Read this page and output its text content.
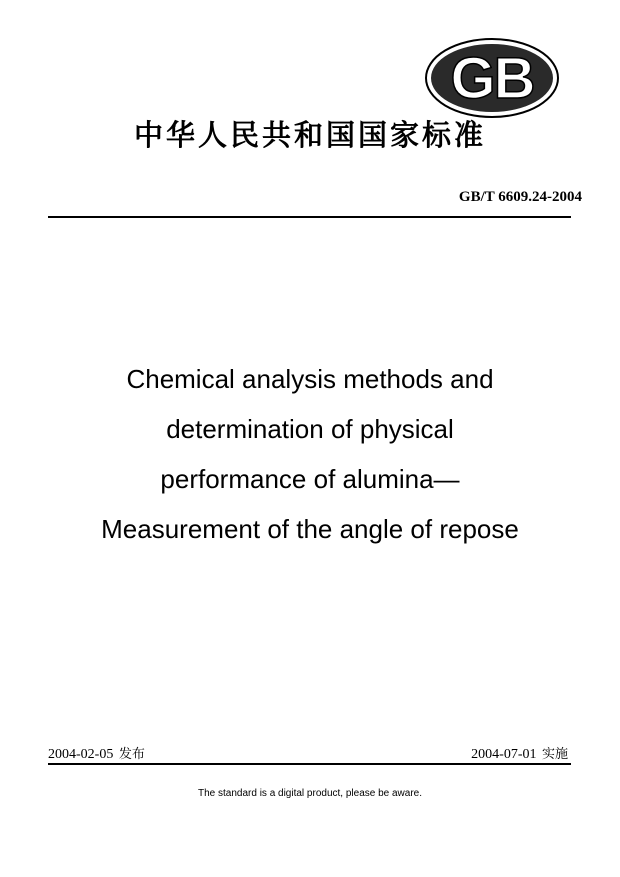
GB
中华人民共和国国家标准

GB/T 6609.24-2004

Chemical analysis methods and
determination of physical
performance of alumina—
Measurement of the angle of repose
2004-02-05 发布	2004-07-01 实施

The standard is a digital product, please be aware.
